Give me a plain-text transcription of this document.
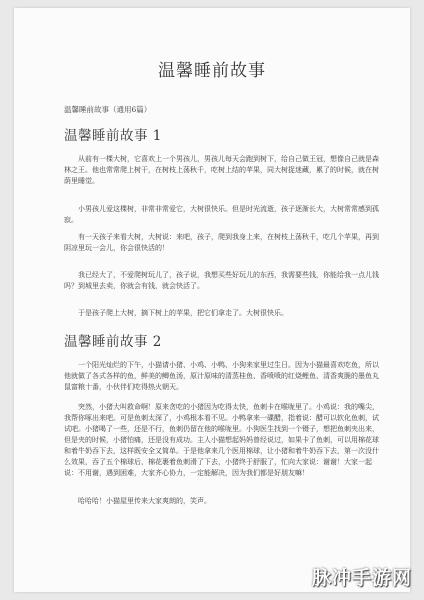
温馨睡前故事
温馨睡前故事（通用6篇）
温馨睡前故事 1

从前有一棵大树，它喜欢上一个男孩儿，男孩儿每天会跑到树下，给自己做王冠，想像自己就是森林之王。他也常常爬上树干，在树枝上荡秋千，吃树上结的苹果，同大树捉迷藏，累了的时候，就在树荫里睡觉。

小男孩儿爱这棵树，非常非常爱它，大树很快乐。但是时光流逝，孩子逐渐长大，大树常常感到孤寂。

有一天孩子来看大树，大树说：来吧，孩子，爬到我身上来，在树枝上荡秋千，吃几个苹果，再到阴凉里玩一会儿，你会很快活的！

我已经大了，不爱爬树玩儿了，孩子说，我想买些好玩儿的东西，我需要些钱，你能给我一点儿钱吗？到城里去卖，你就会有钱，就会快活了。

于是孩子爬上大树，摘下树上的苹果，把它们拿走了。大树很快乐。

温馨睡前故事 2

一个阳光灿烂的下午，小猫请小猪、小鸡、小鸭、小狗来家里过生日。因为小猫最喜欢吃鱼，所以他就做了各式各样的鱼，鲜美的鲫鱼汤，原汁原味的清蒸桂鱼、香喷喷的红烧鲤鱼、清香爽脆的墨鱼丸鼠富粮十番，小伙伴们吃得热火朝天。

突然，小猪大叫救命啊！原来贪吃的小猪因为吃得太快，鱼刺卡在喉咙里了。小鸡说：我的嘴尖，我帮你啄出来吧。可是鱼刺太深了，小鸡根本看不见。小鸭拿来一碟醋，指着说：醋可以软化鱼刺，试试吧。小猪喝了一些，还是不行，鱼刺仍留在他的喉咙里。小狗医生找到一个镊子，想把鱼刺夹出来，但是夹的时候，小猪怕痛，还是没有成功。主人小猫想起妈妈曾经说过，如果卡了鱼刺，可以用棉花球和着牛奶吞下去，这样既安全又简单。于是他拿来几个医用棉球，让小猪和着牛奶吞下去，第一次没什么效果，吞了五个棉球后，棉花裹着鱼刺滑了下去，小猪终于舒服了，忙向大家说：谢谢！大家一起说：不用谢，遇到困难，大家齐心协力，一定能解决，因为我们都是好朋友嘛！

哈哈哈！小猫屋里传来大家爽朗的，笑声。

脉冲手游网
